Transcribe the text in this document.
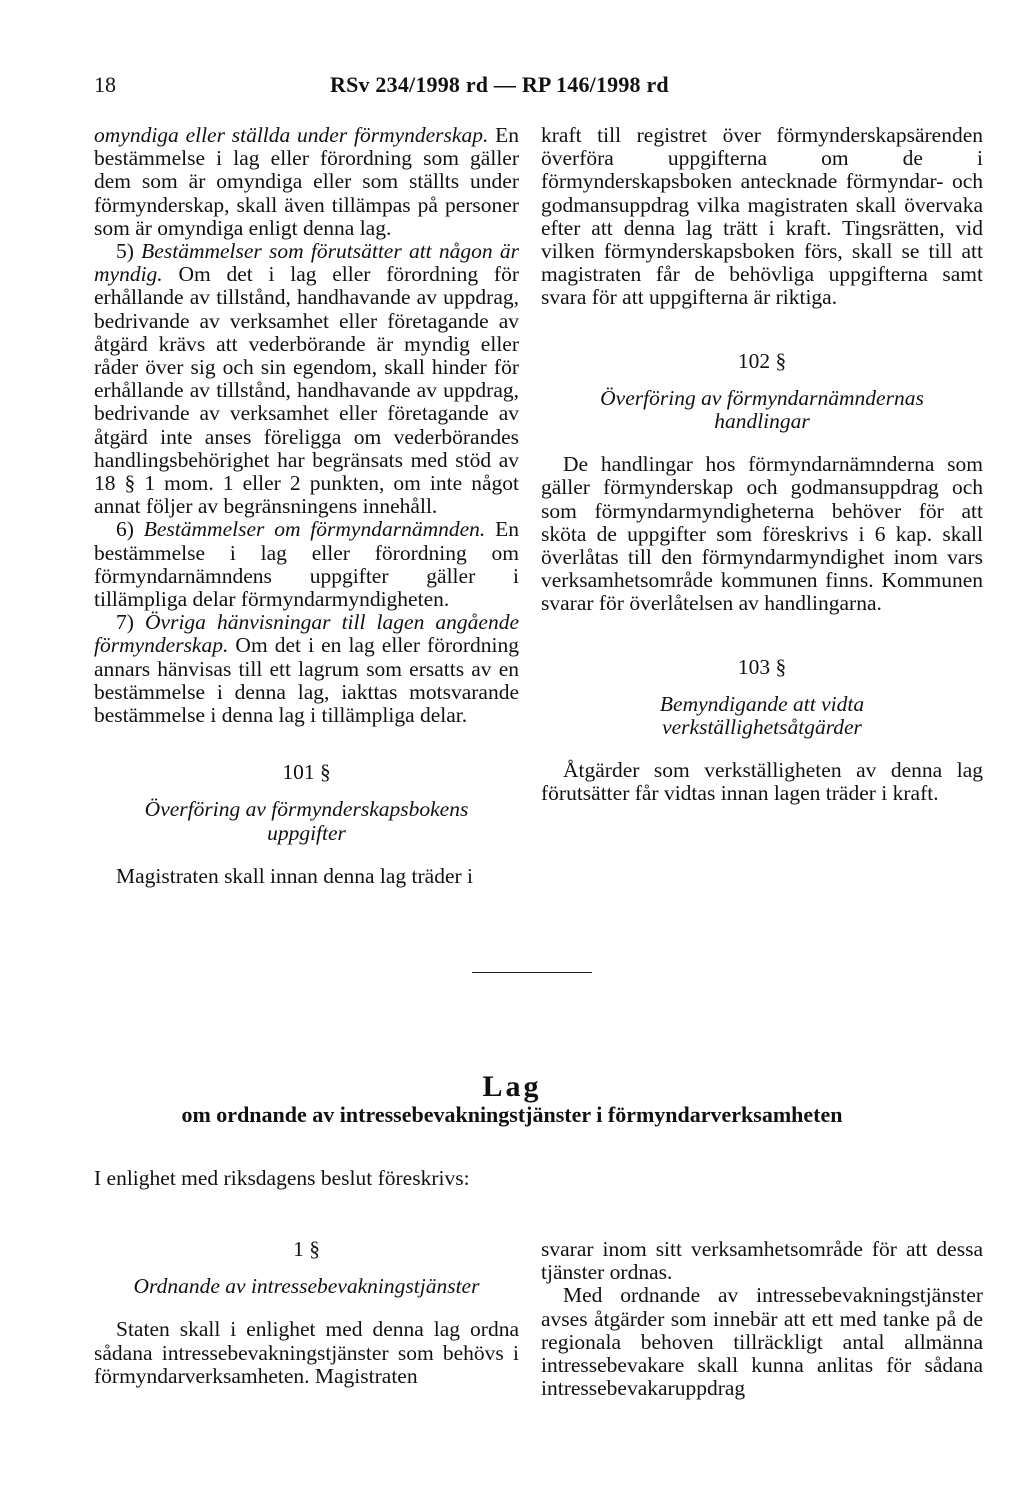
18	RSv 234/1998 rd — RP 146/1998 rd

omyndiga eller ställda under förmynderskap. En bestämmelse i lag eller förordning som gäller dem som är omyndiga eller som ställts under förmynderskap, skall även tillämpas på personer som är omyndiga enligt denna lag.

5) Bestämmelser som förutsätter att någon är myndig. Om det i lag eller förordning för erhållande av tillstånd, handhavande av uppdrag, bedrivande av verksamhet eller företagande av åtgärd krävs att vederbörande är myndig eller råder över sig och sin egendom, skall hinder för erhållande av tillstånd, handhavande av uppdrag, bedrivande av verksamhet eller företagande av åtgärd inte anses föreligga om vederbörandes handlingsbehörighet har begränsats med stöd av 18 § 1 mom. 1 eller 2 punkten, om inte något annat följer av begränsningens innehåll.

6) Bestämmelser om förmyndarnämnden. En bestämmelse i lag eller förordning om förmyndarnämndens uppgifter gäller i tillämpliga delar förmyndarmyndigheten.

7) Övriga hänvisningar till lagen angående förmynderskap. Om det i en lag eller förordning annars hänvisas till ett lagrum som ersatts av en bestämmelse i denna lag, iakttas motsvarande bestämmelse i denna lag i tillämpliga delar.

101 §

Överföring av förmynderskapsbokens uppgifter

Magistraten skall innan denna lag träder i

kraft till registret över förmynderskapsärenden överföra uppgifterna om de i förmynderskapsboken antecknade förmyndar- och godmansuppdrag vilka magistraten skall övervaka efter att denna lag trätt i kraft. Tingsrätten, vid vilken förmynderskapsboken förs, skall se till att magistraten får de behövliga uppgifterna samt svara för att uppgifterna är riktiga.

102 §

Överföring av förmyndarnämndernas handlingar

De handlingar hos förmyndarnämnderna som gäller förmynderskap och godmansuppdrag och som förmyndarmyndigheterna behöver för att sköta de uppgifter som föreskrivs i 6 kap. skall överlåtas till den förmyndarmyndighet inom vars verksamhetsområde kommunen finns. Kommunen svarar för överlåtelsen av handlingarna.

103 §

Bemyndigande att vidta verkställighetsåtgärder

Åtgärder som verkställigheten av denna lag förutsätter får vidtas innan lagen träder i kraft.

Lag
om ordnande av intressebevakningstjänster i förmyndarverksamheten
I enlighet med riksdagens beslut föreskrivs:

1 §

Ordnande av intressebevakningstjänster

Staten skall i enlighet med denna lag ordna sådana intressebevakningstjänster som behövs i förmyndarverksamheten. Magistraten

svarar inom sitt verksamhetsområde för att dessa tjänster ordnas.

Med ordnande av intressebevakningstjänster avses åtgärder som innebär att ett med tanke på de regionala behoven tillräckligt antal allmänna intressebevakare skall kunna anlitas för sådana intressebevakaruppdrag
